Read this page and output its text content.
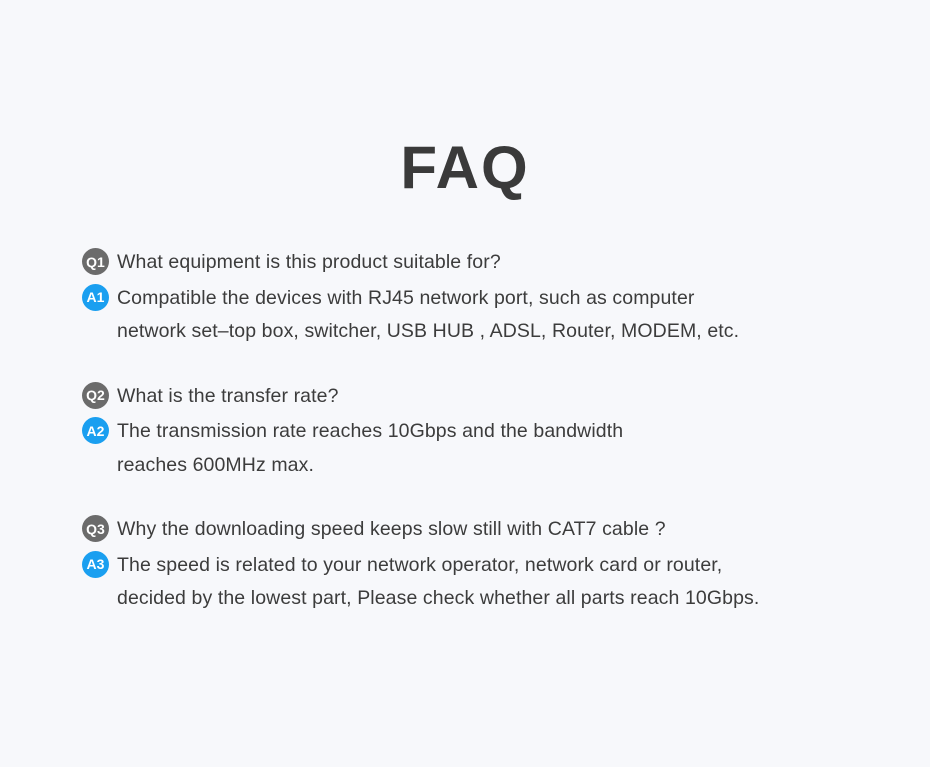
FAQ
Q1 What equipment is this product suitable for?
A1 Compatible the devices with RJ45 network port, such as computer
network set–top box, switcher, USB HUB , ADSL, Router, MODEM, etc.
Q2 What is the transfer rate?
A2 The transmission rate reaches 10Gbps and the bandwidth
reaches 600MHz max.
Q3 Why the downloading speed keeps slow still with CAT7 cable ?
A3 The speed is related to your network operator, network card or router,
decided by the lowest part, Please check whether all parts reach 10Gbps.
